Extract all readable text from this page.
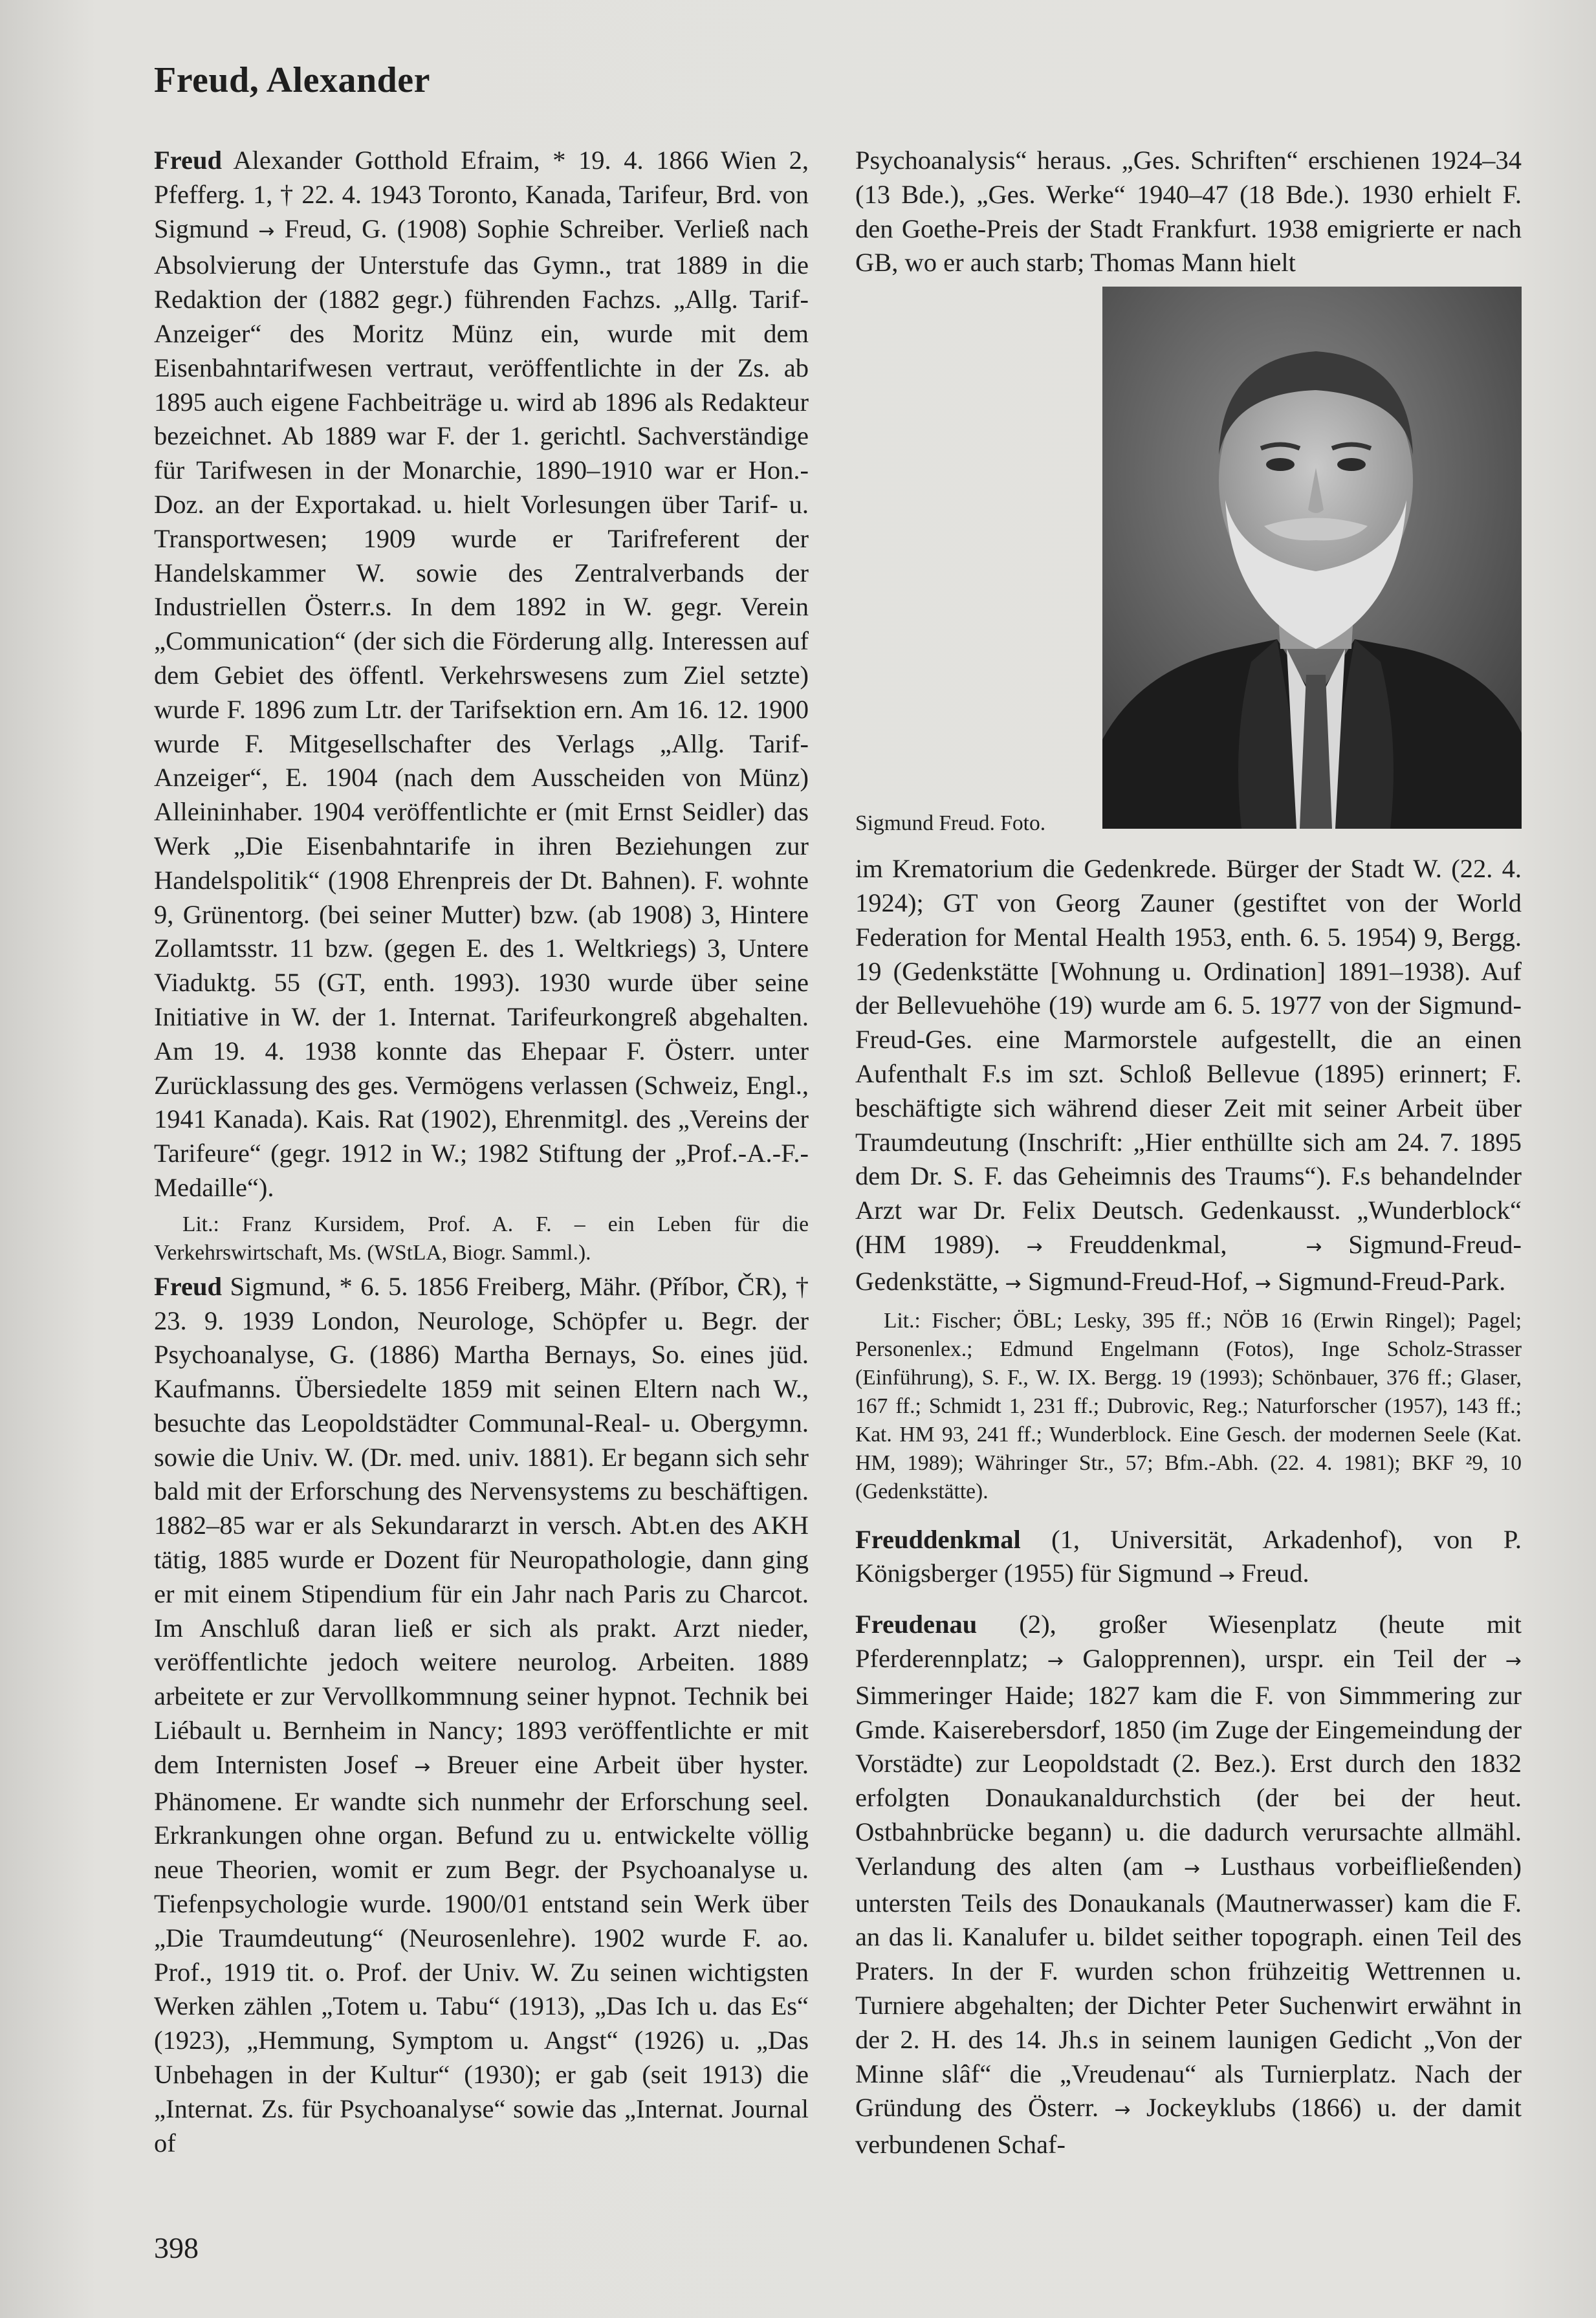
Freud, Alexander

Freud Alexander Gotthold Efraim, * 19. 4. 1866 Wien 2, Pfefferg. 1, † 22. 4. 1943 Toronto, Kanada, Tarifeur, Brd. von Sigmund → Freud, G. (1908) Sophie Schreiber. Verließ nach Absolvierung der Unterstufe das Gymn., trat 1889 in die Redaktion der (1882 gegr.) führenden Fachzs. „Allg. Tarif-Anzeiger“ des Moritz Münz ein, wurde mit dem Eisenbahntarifwesen vertraut, veröffentlichte in der Zs. ab 1895 auch eigene Fachbeiträge u. wird ab 1896 als Redakteur bezeichnet. Ab 1889 war F. der 1. gerichtl. Sachverständige für Tarifwesen in der Monarchie, 1890–1910 war er Hon.-Doz. an der Exportakad. u. hielt Vorlesungen über Tarif- u. Transportwesen; 1909 wurde er Tarifreferent der Handelskammer W. sowie des Zentralverbands der Industriellen Österr.s. In dem 1892 in W. gegr. Verein „Communication“ (der sich die Förderung allg. Interessen auf dem Gebiet des öffentl. Verkehrswesens zum Ziel setzte) wurde F. 1896 zum Ltr. der Tarifsektion ern. Am 16. 12. 1900 wurde F. Mitgesellschafter des Verlags „Allg. Tarif-Anzeiger“, E. 1904 (nach dem Ausscheiden von Münz) Alleininhaber. 1904 veröffentlichte er (mit Ernst Seidler) das Werk „Die Eisenbahntarife in ihren Beziehungen zur Handelspolitik“ (1908 Ehrenpreis der Dt. Bahnen). F. wohnte 9, Grünentorg. (bei seiner Mutter) bzw. (ab 1908) 3, Hintere Zollamtsstr. 11 bzw. (gegen E. des 1. Weltkriegs) 3, Untere Viaduktg. 55 (GT, enth. 1993). 1930 wurde über seine Initiative in W. der 1. Internat. Tarifeurkongreß abgehalten. Am 19. 4. 1938 konnte das Ehepaar F. Österr. unter Zurücklassung des ges. Vermögens verlassen (Schweiz, Engl., 1941 Kanada). Kais. Rat (1902), Ehrenmitgl. des „Vereins der Tarifeure“ (gegr. 1912 in W.; 1982 Stiftung der „Prof.-A.-F.-Medaille“).

Lit.: Franz Kursidem, Prof. A. F. – ein Leben für die Verkehrswirtschaft, Ms. (WStLA, Biogr. Samml.).

Freud Sigmund, * 6. 5. 1856 Freiberg, Mähr. (Příbor, ČR), † 23. 9. 1939 London, Neurologe, Schöpfer u. Begr. der Psychoanalyse, G. (1886) Martha Bernays, So. eines jüd. Kaufmanns. Übersiedelte 1859 mit seinen Eltern nach W., besuchte das Leopoldstädter Communal-Real- u. Obergymn. sowie die Univ. W. (Dr. med. univ. 1881). Er begann sich sehr bald mit der Erforschung des Nervensystems zu beschäftigen. 1882–85 war er als Sekundararzt in versch. Abt.en des AKH tätig, 1885 wurde er Dozent für Neuropathologie, dann ging er mit einem Stipendium für ein Jahr nach Paris zu Charcot. Im Anschluß daran ließ er sich als prakt. Arzt nieder, veröffentlichte jedoch weitere neurolog. Arbeiten. 1889 arbeitete er zur Vervollkommnung seiner hypnot. Technik bei Liébault u. Bernheim in Nancy; 1893 veröffentlichte er mit dem Internisten Josef → Breuer eine Arbeit über hyster. Phänomene. Er wandte sich nunmehr der Erforschung seel. Erkrankungen ohne organ. Befund zu u. entwickelte völlig neue Theorien, womit er zum Begr. der Psychoanalyse u. Tiefenpsychologie wurde. 1900/01 entstand sein Werk über „Die Traumdeutung“ (Neurosenlehre). 1902 wurde F. ao. Prof., 1919 tit. o. Prof. der Univ. W. Zu seinen wichtigsten Werken zählen „Totem u. Tabu“ (1913), „Das Ich u. das Es“ (1923), „Hemmung, Symptom u. Angst“ (1926) u. „Das Unbehagen in der Kultur“ (1930); er gab (seit 1913) die „Internat. Zs. für Psychoanalyse“ sowie das „Internat. Journal of

Psychoanalysis“ heraus. „Ges. Schriften“ erschienen 1924–34 (13 Bde.), „Ges. Werke“ 1940–47 (18 Bde.). 1930 erhielt F. den Goethe-Preis der Stadt Frankfurt. 1938 emigrierte er nach GB, wo er auch starb; Thomas Mann hielt

Sigmund Freud. Foto.

im Krematorium die Gedenkrede. Bürger der Stadt W. (22. 4. 1924); GT von Georg Zauner (gestiftet von der World Federation for Mental Health 1953, enth. 6. 5. 1954) 9, Bergg. 19 (Gedenkstätte [Wohnung u. Ordination] 1891–1938). Auf der Bellevuehöhe (19) wurde am 6. 5. 1977 von der Sigmund-Freud-Ges. eine Marmorstele aufgestellt, die an einen Aufenthalt F.s im szt. Schloß Bellevue (1895) erinnert; F. beschäftigte sich während dieser Zeit mit seiner Arbeit über Traumdeutung (Inschrift: „Hier enthüllte sich am 24. 7. 1895 dem Dr. S. F. das Geheimnis des Traums“). F.s behandelnder Arzt war Dr. Felix Deutsch. Gedenkausst. „Wunderblock“ (HM 1989). → Freuddenkmal,	→ Sigmund-Freud-Gedenkstätte, → Sigmund-Freud-Hof, → Sigmund-Freud-Park.

Lit.: Fischer; ÖBL; Lesky, 395 ff.; NÖB 16 (Erwin Ringel); Pagel; Personenlex.; Edmund Engelmann (Fotos), Inge Scholz-Strasser (Einführung), S. F., W. IX. Bergg. 19 (1993); Schönbauer, 376 ff.; Glaser, 167 ff.; Schmidt 1, 231 ff.; Dubrovic, Reg.; Naturforscher (1957), 143 ff.; Kat. HM 93, 241 ff.; Wunderblock. Eine Gesch. der modernen Seele (Kat. HM, 1989); Währinger Str., 57; Bfm.-Abh. (22. 4. 1981); BKF ²9, 10 (Gedenkstätte).

Freuddenkmal (1, Universität, Arkadenhof), von P. Königsberger (1955) für Sigmund → Freud.

Freudenau (2), großer Wiesenplatz (heute mit Pferderennplatz; → Galopprennen), urspr. ein Teil der → Simmeringer Haide; 1827 kam die F. von Simmmering zur Gmde. Kaiserebersdorf, 1850 (im Zuge der Eingemeindung der Vorstädte) zur Leopoldstadt (2. Bez.). Erst durch den 1832 erfolgten Donaukanaldurchstich (der bei der heut. Ostbahnbrücke begann) u. die dadurch verursachte allmähl. Verlandung des alten (am → Lusthaus vorbeifließenden) untersten Teils des Donaukanals (Mautnerwasser) kam die F. an das li. Kanalufer u. bildet seither topograph. einen Teil des Praters. In der F. wurden schon frühzeitig Wettrennen u. Turniere abgehalten; der Dichter Peter Suchenwirt erwähnt in der 2. H. des 14. Jh.s in seinem launigen Gedicht „Von der Minne slâf“ die „Vreudenau“ als Turnierplatz. Nach der Gründung des Österr. → Jockeyklubs (1866) u. der damit verbundenen Schaf-

398
